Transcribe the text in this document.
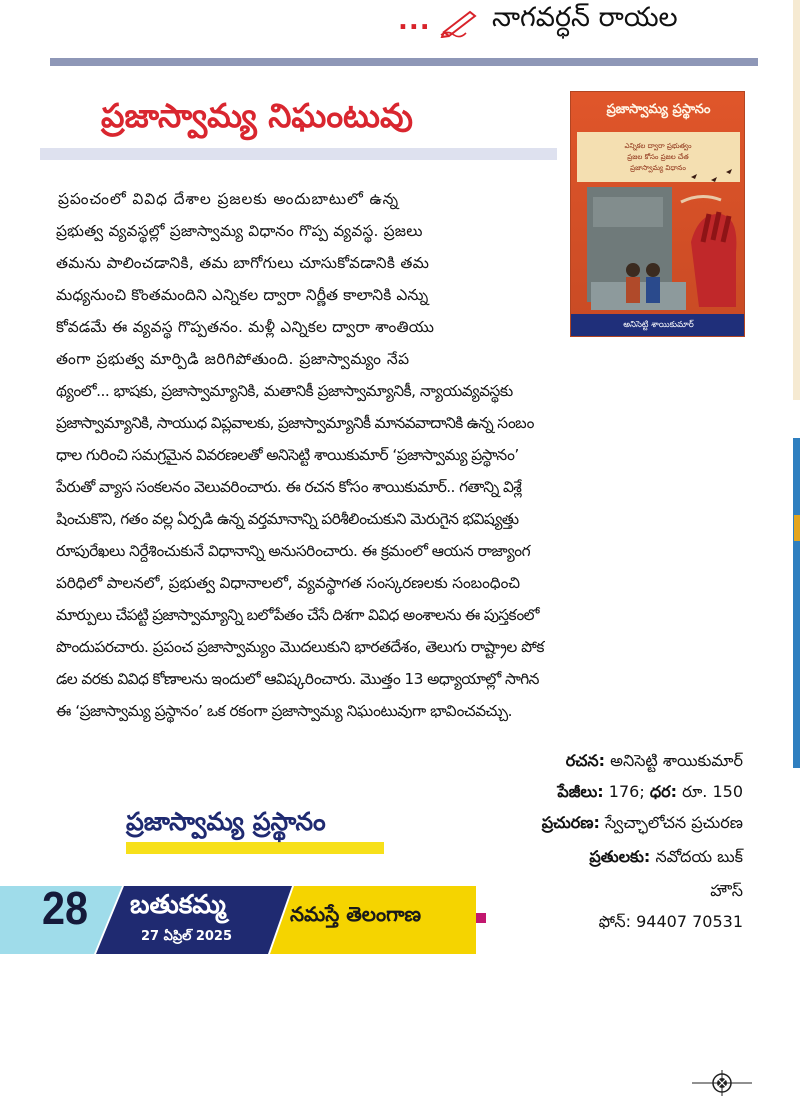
... నాగవర్ధన్ రాయల
ప్రజాస్వామ్య నిఘంటువు
ఎన్నికల ద్వారా ప్రభుత్వం
ప్రజల కోసం ప్రజల చేత
ప్రజాస్వామ్య విధానం
ప్రజాస్వామ్య ప్రస్థానం
అనిసెట్టి శాయికుమార్
ప్రపంచంలో వివిధ దేశాల ప్రజలకు అందుబాటులో ఉన్న
ప్రభుత్వ వ్యవస్థల్లో ప్రజాస్వామ్య విధానం గొప్ప వ్యవస్థ. ప్రజలు
తమను పాలించడానికి, తమ బాగోగులు చూసుకోవడానికి తమ
మధ్యనుంచి కొంతమందిని ఎన్నికల ద్వారా నిర్ణీత కాలానికి ఎన్ను
కోవడమే ఈ వ్యవస్థ గొప్పతనం. మళ్లీ ఎన్నికల ద్వారా శాంతియు
తంగా ప్రభుత్వ మార్పిడి జరిగిపోతుంది. ప్రజాస్వామ్యం నేప
థ్యంలో... భాషకు, ప్రజాస్వామ్యానికి, మతానికీ ప్రజాస్వామ్యానికీ, న్యాయవ్యవస్థకు
ప్రజాస్వామ్యానికి, సాయుధ విప్లవాలకు, ప్రజాస్వామ్యానికీ మానవవాదానికి ఉన్న సంబం
ధాల గురించి సమగ్రమైన వివరణలతో అనిసెట్టి శాయికుమార్ ‘ప్రజాస్వామ్య ప్రస్థానం’
పేరుతో వ్యాస సంకలనం వెలువరించారు. ఈ రచన కోసం శాయికుమార్.. గతాన్ని విశ్లే
షించుకొని, గతం వల్ల ఏర్పడి ఉన్న వర్తమానాన్ని పరిశీలించుకుని మెరుగైన భవిష్యత్తు
రూపురేఖలు నిర్దేశించుకునే విధానాన్ని అనుసరించారు. ఈ క్రమంలో ఆయన రాజ్యాంగ
పరిధిలో పాలనలో, ప్రభుత్వ విధానాలలో, వ్యవస్థాగత సంస్కరణలకు సంబంధించి
మార్పులు చేపట్టి ప్రజాస్వామ్యాన్ని బలోపేతం చేసే దిశగా వివిధ అంశాలను ఈ పుస్తకంలో
పొందుపరచారు. ప్రపంచ ప్రజాస్వామ్యం మొదలుకుని భారతదేశం, తెలుగు రాష్ట్రాల పోక
డల వరకు వివిధ కోణాలను ఇందులో ఆవిష్కరించారు. మొత్తం 13 అధ్యాయాల్లో సాగిన
ఈ ‘ప్రజాస్వామ్య ప్రస్థానం’ ఒక రకంగా ప్రజాస్వామ్య నిఘంటువుగా భావించవచ్చు.
రచన: అనిసెట్టి శాయికుమార్
పేజీలు: 176; ధర: రూ. 150
ప్రచురణ: స్వేచ్ఛాలోచన ప్రచురణ
ప్రతులకు: నవోదయ బుక్
హౌస్
ఫోన్: 94407 70531
ప్రజాస్వామ్య ప్రస్థానం
28 బతుకమ్మ
27 ఏప్రిల్ 2025
నమస్తే తెలంగాణ
